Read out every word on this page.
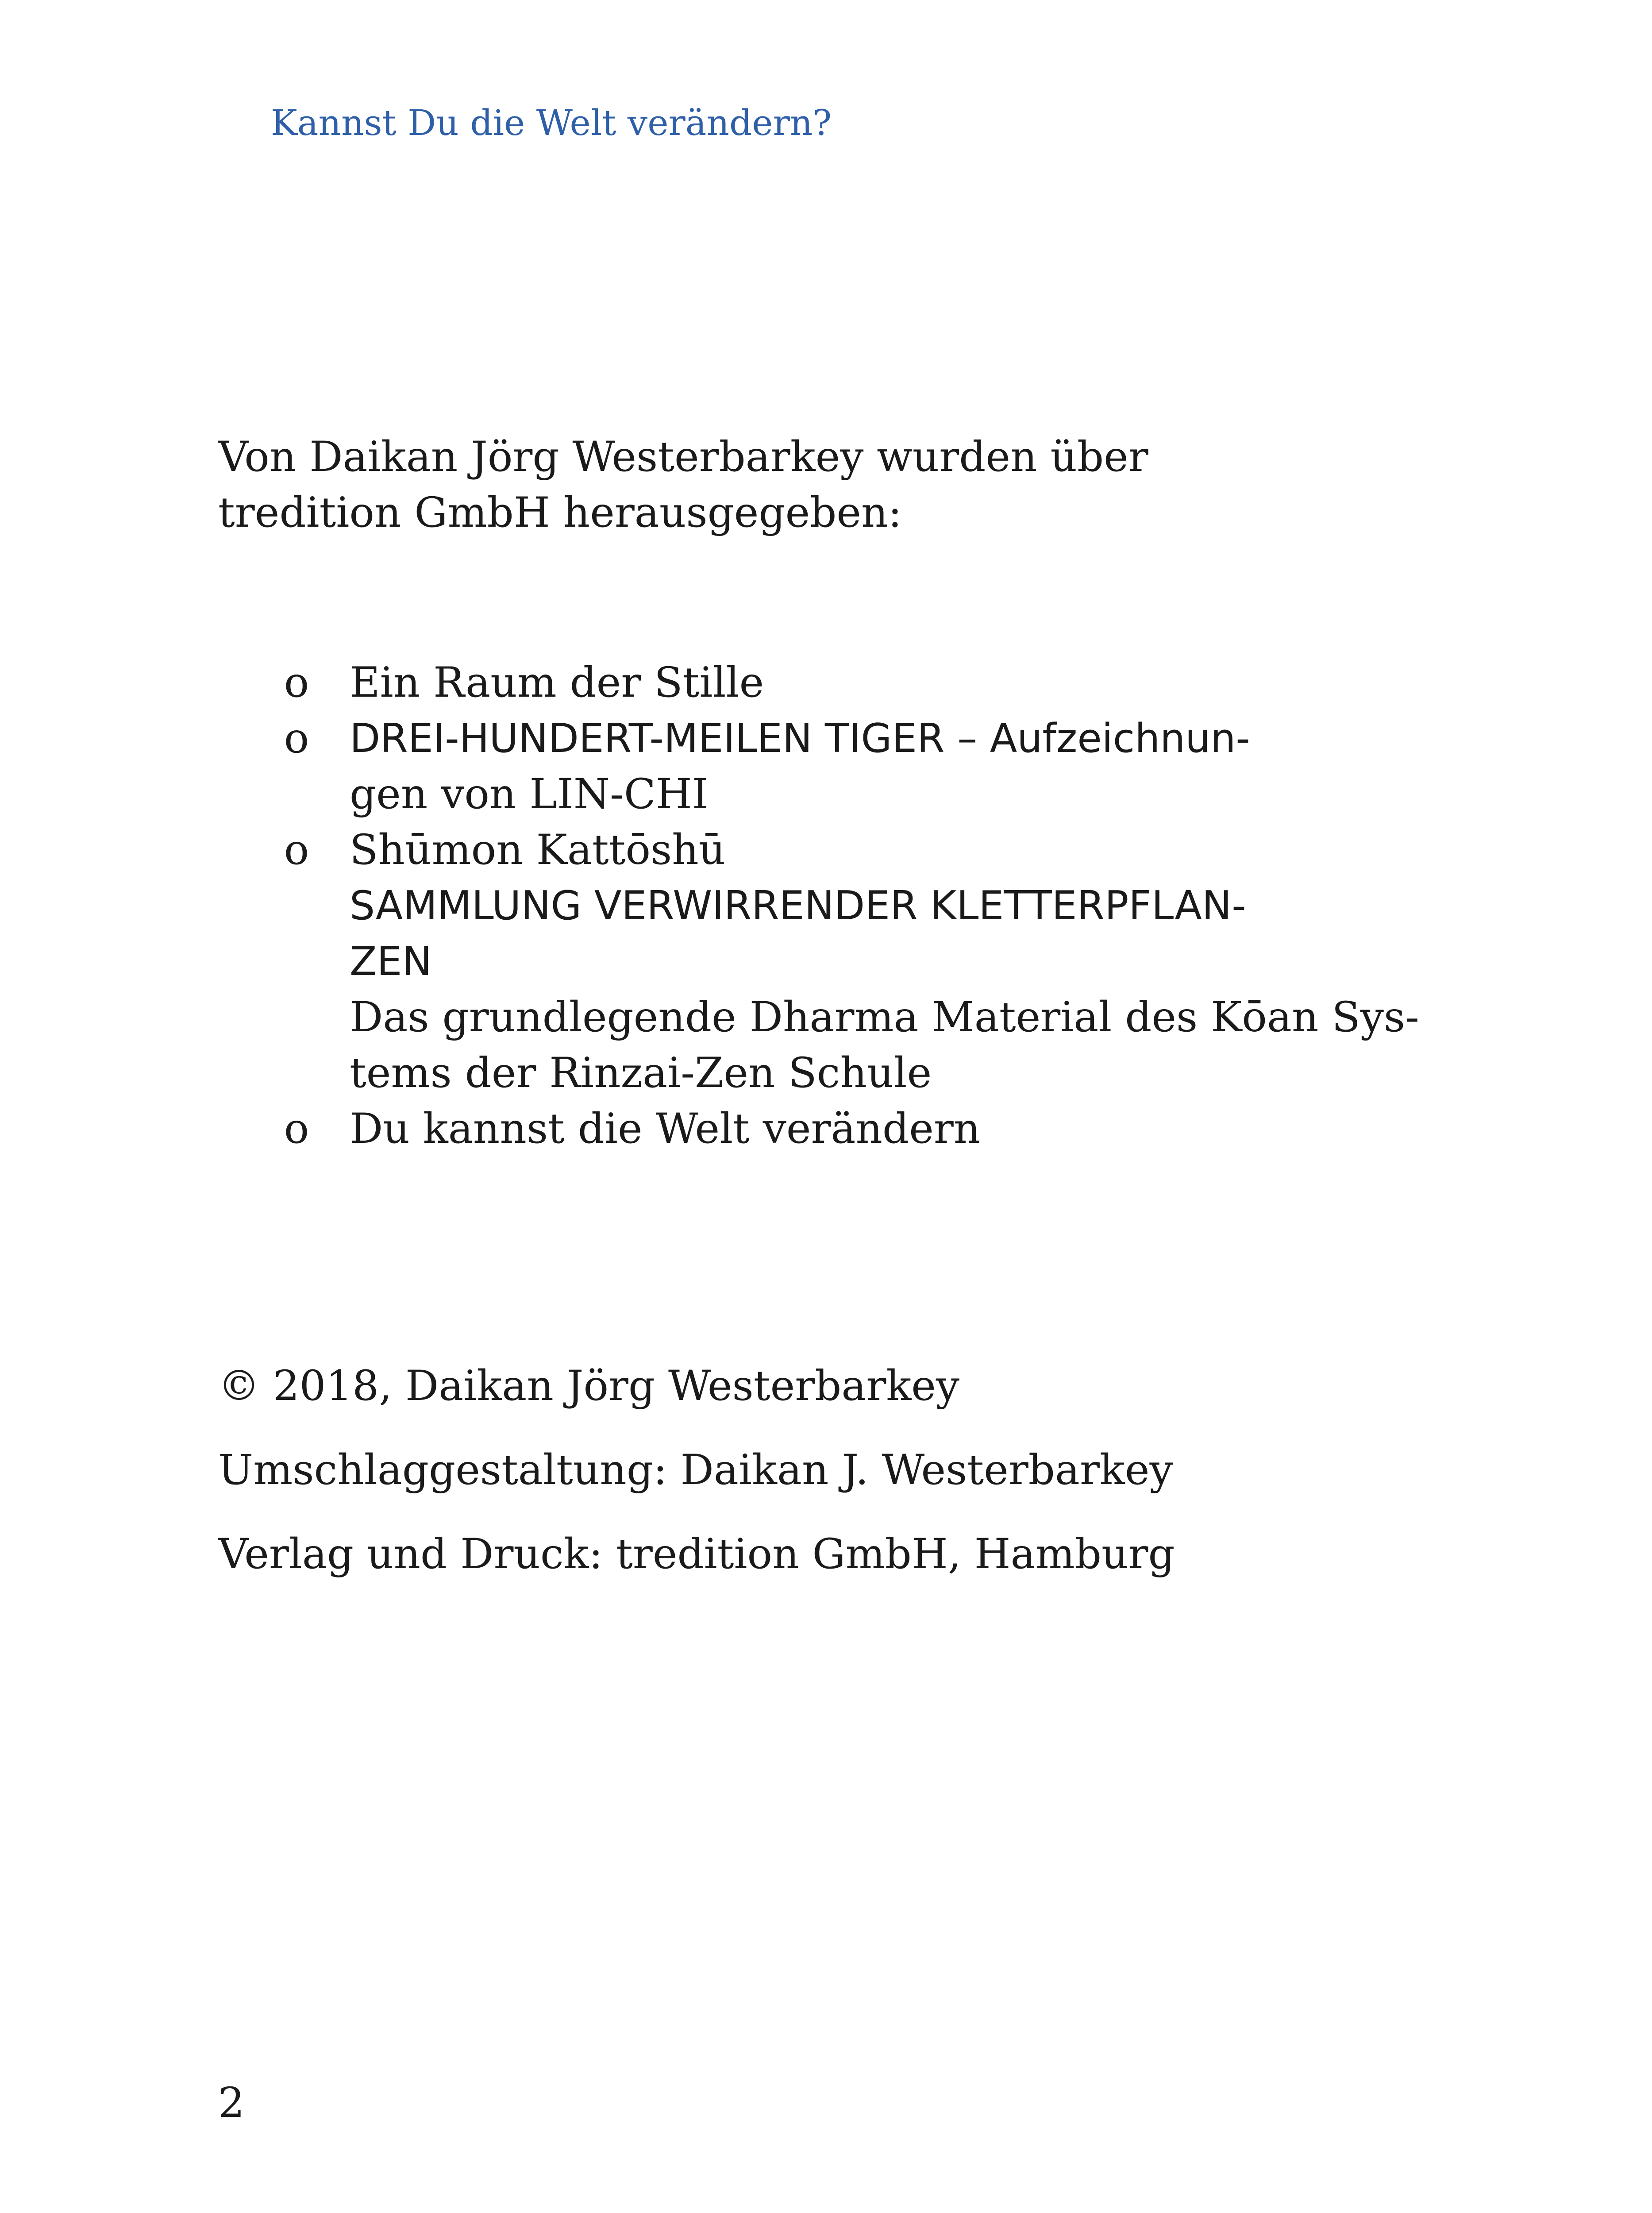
Kannst Du die Welt verändern?
Von Daikan Jörg Westerbarkey wurden über
tredition GmbH herausgegeben:
o Ein Raum der Stille
o DREI-HUNDERT-MEILEN TIGER – Aufzeichnun-
gen von LIN-CHI
o Shūmon Kattōshū
SAMMLUNG VERWIRRENDER KLETTERPFLAN-
ZEN
Das grundlegende Dharma Material des Kōan Sys-
tems der Rinzai-Zen Schule
o Du kannst die Welt verändern
© 2018, Daikan Jörg Westerbarkey
Umschlaggestaltung: Daikan J. Westerbarkey
Verlag und Druck: tredition GmbH, Hamburg
2
